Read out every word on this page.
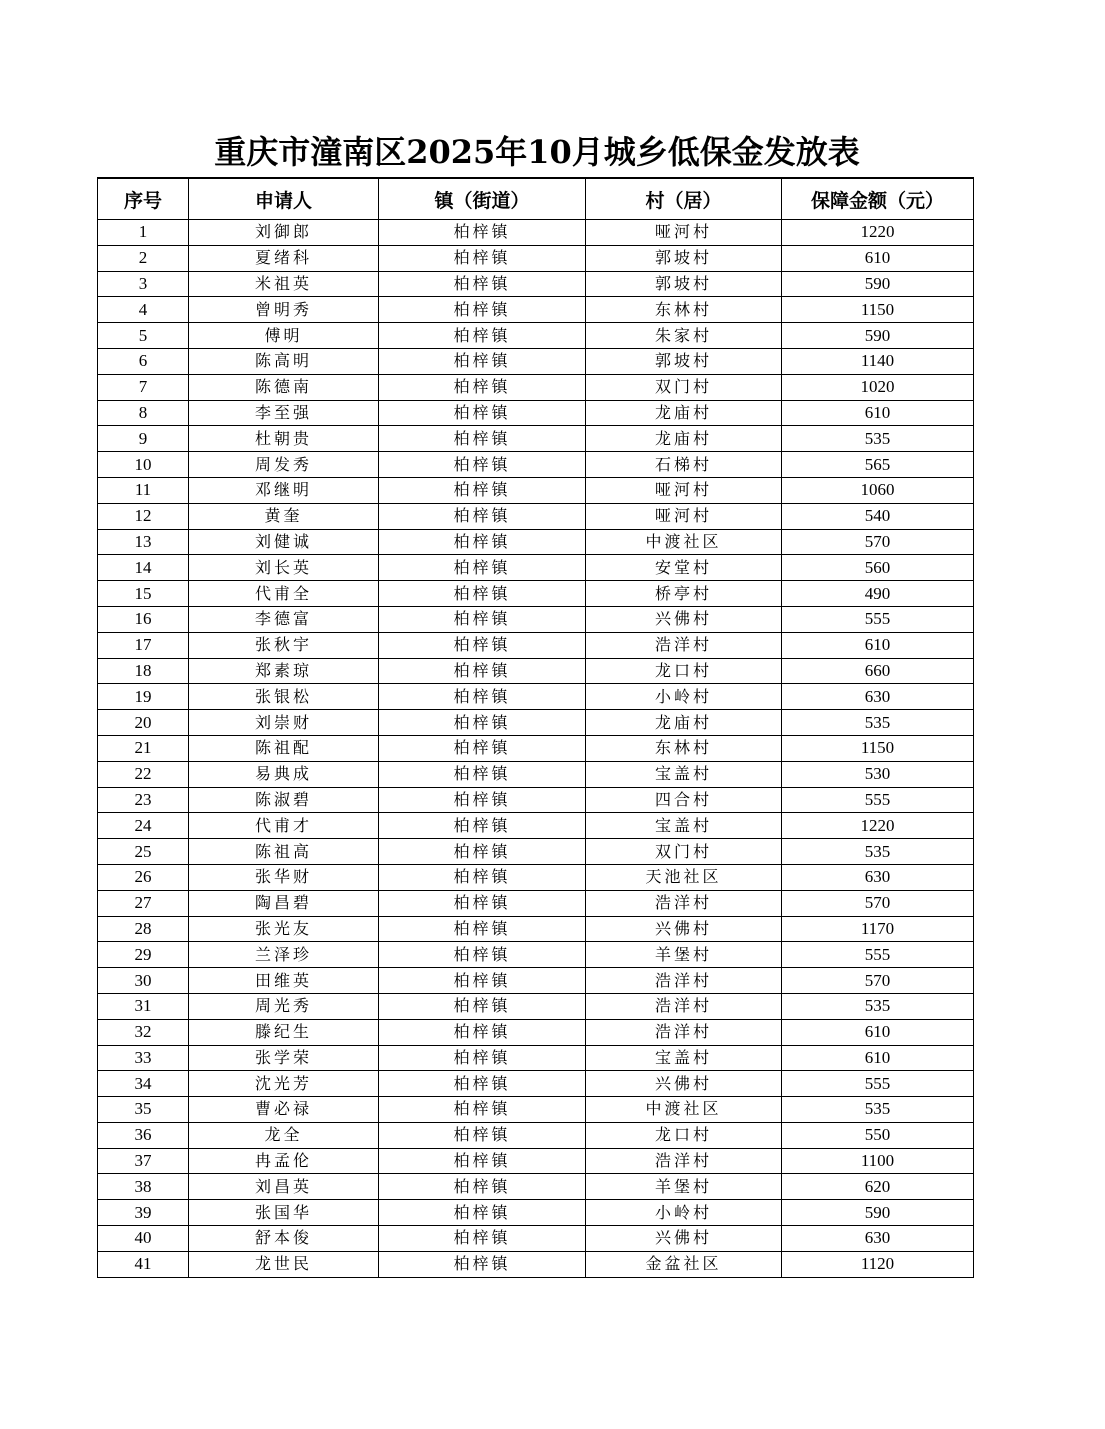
重庆市潼南区2025年10月城乡低保金发放表
序号	申请人	镇（街道）	村（居）	保障金额（元）
1	刘御郎	柏梓镇	哑河村	1220
2	夏绪科	柏梓镇	郭坡村	610
3	米祖英	柏梓镇	郭坡村	590
4	曾明秀	柏梓镇	东林村	1150
5	傅明	柏梓镇	朱家村	590
6	陈高明	柏梓镇	郭坡村	1140
7	陈德南	柏梓镇	双门村	1020
8	李至强	柏梓镇	龙庙村	610
9	杜朝贵	柏梓镇	龙庙村	535
10	周发秀	柏梓镇	石梯村	565
11	邓继明	柏梓镇	哑河村	1060
12	黄奎	柏梓镇	哑河村	540
13	刘健诚	柏梓镇	中渡社区	570
14	刘长英	柏梓镇	安堂村	560
15	代甫全	柏梓镇	桥亭村	490
16	李德富	柏梓镇	兴佛村	555
17	张秋宇	柏梓镇	浩洋村	610
18	郑素琼	柏梓镇	龙口村	660
19	张银松	柏梓镇	小岭村	630
20	刘崇财	柏梓镇	龙庙村	535
21	陈祖配	柏梓镇	东林村	1150
22	易典成	柏梓镇	宝盖村	530
23	陈淑碧	柏梓镇	四合村	555
24	代甫才	柏梓镇	宝盖村	1220
25	陈祖高	柏梓镇	双门村	535
26	张华财	柏梓镇	天池社区	630
27	陶昌碧	柏梓镇	浩洋村	570
28	张光友	柏梓镇	兴佛村	1170
29	兰泽珍	柏梓镇	羊堡村	555
30	田维英	柏梓镇	浩洋村	570
31	周光秀	柏梓镇	浩洋村	535
32	滕纪生	柏梓镇	浩洋村	610
33	张学荣	柏梓镇	宝盖村	610
34	沈光芳	柏梓镇	兴佛村	555
35	曹必禄	柏梓镇	中渡社区	535
36	龙全	柏梓镇	龙口村	550
37	冉孟伦	柏梓镇	浩洋村	1100
38	刘昌英	柏梓镇	羊堡村	620
39	张国华	柏梓镇	小岭村	590
40	舒本俊	柏梓镇	兴佛村	630
41	龙世民	柏梓镇	金盆社区	1120
